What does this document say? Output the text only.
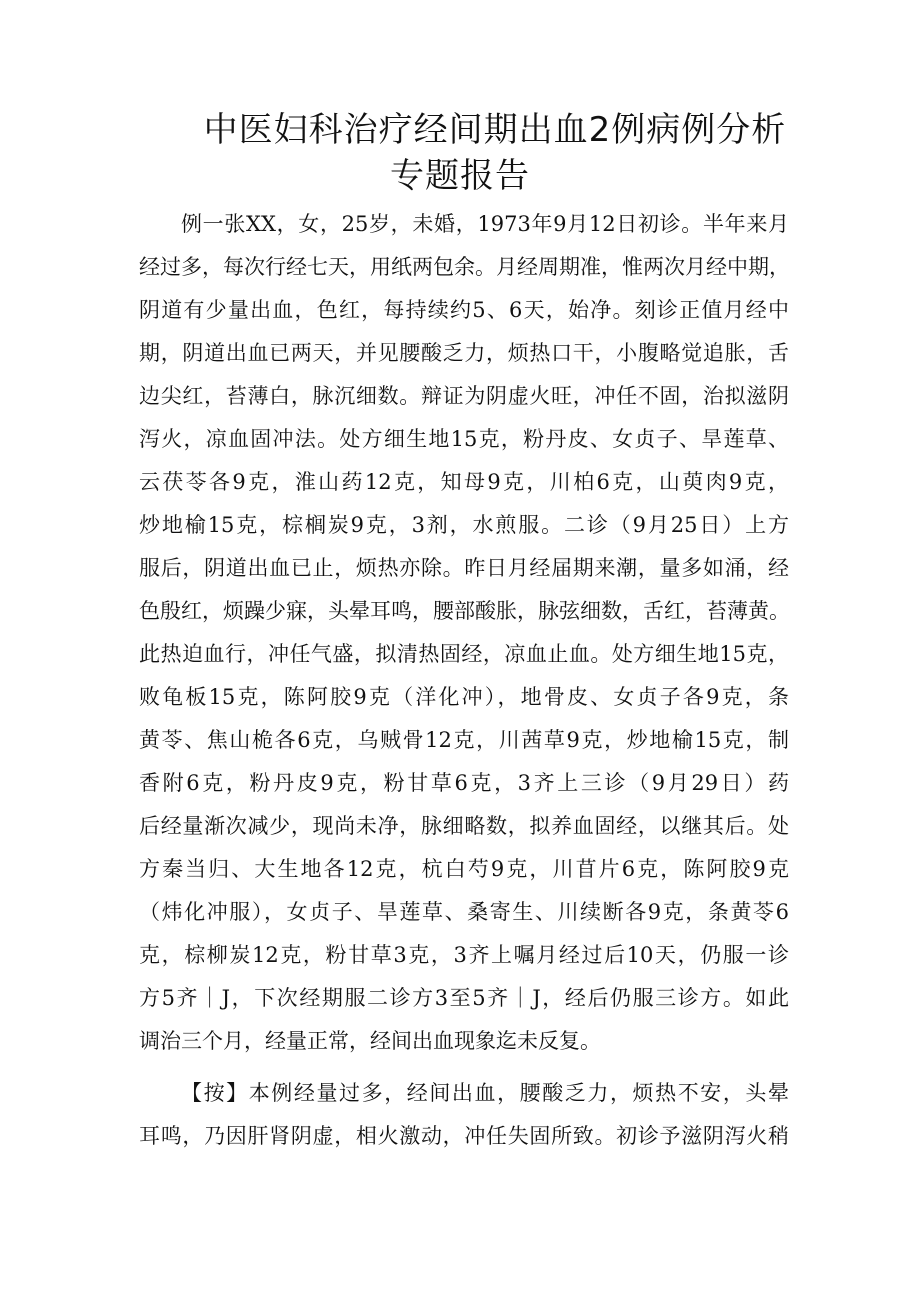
中医妇科治疗经间期出血2例病例分析
专题报告
例一张XX，女，25岁，未婚，1973年9月12日初诊。半年来月
经过多，每次行经七天，用纸两包余。月经周期准，惟两次月经中期，
阴道有少量出血，色红，每持续约5、6天，始净。刻诊正值月经中
期，阴道出血已两天，并见腰酸乏力，烦热口干，小腹略觉追胀，舌
边尖红，苔薄白，脉沉细数。辩证为阴虚火旺，冲任不固，治拟滋阴
泻火，凉血固冲法。处方细生地15克，粉丹皮、女贞子、旱莲草、
云茯苓各9克，淮山药12克，知母9克，川柏6克，山萸肉9克，
炒地榆15克，棕榈炭9克，3剂，水煎服。二诊（9月25日）上方
服后，阴道出血已止，烦热亦除。昨日月经届期来潮，量多如涌，经
色殷红，烦躁少寐，头晕耳鸣，腰部酸胀，脉弦细数，舌红，苔薄黄。
此热迫血行，冲任气盛，拟清热固经，凉血止血。处方细生地15克，
败龟板15克，陈阿胶9克（洋化冲），地骨皮、女贞子各9克，条
黄苓、焦山桅各6克，乌贼骨12克，川茜草9克，炒地榆15克，制
香附6克，粉丹皮9克，粉甘草6克，3齐上三诊（9月29日）药
后经量渐次减少，现尚未净，脉细略数，拟养血固经，以继其后。处
方秦当归、大生地各12克，杭白芍9克，川苜片6克，陈阿胶9克
（炜化冲服），女贞子、旱莲草、桑寄生、川续断各9克，条黄苓6
克，棕柳炭12克，粉甘草3克，3齐上嘱月经过后10天，仍服一诊
方5齐｜J，下次经期服二诊方3至5齐｜J，经后仍服三诊方。如此
调治三个月，经量正常，经间出血现象迄未反复。
【按】本例经量过多，经间出血，腰酸乏力，烦热不安，头晕
耳鸣，乃因肝肾阴虚，相火激动，冲任失固所致。初诊予滋阴泻火稍
